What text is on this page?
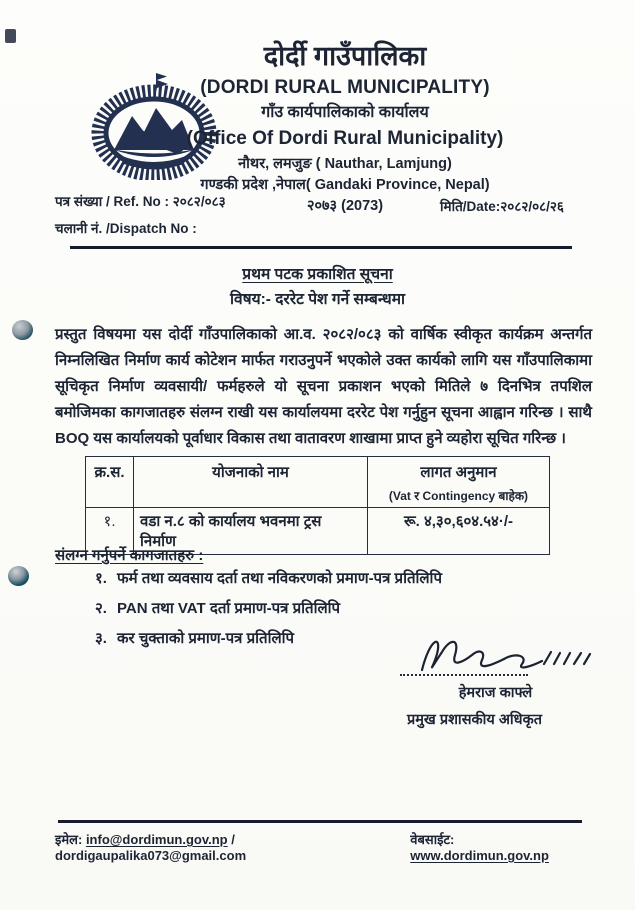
दोर्दी गाउँपालिका
(DORDI RURAL MUNICIPALITY)
गाँउ कार्यपालिकाको कार्यालय
(Office Of Dordi Rural Municipality)
नौथर, लमजुङ ( Nauthar, Lamjung)
गण्डकी प्रदेश ,नेपाल( Gandaki Province, Nepal)
२०७३ (2073)
पत्र संख्या / Ref. No : २०८२/०८३
चलानी नं. /Dispatch No :
मिति/Date:२०८२/०८/२६
प्रथम पटक प्रकाशित सूचना
विषय:- दररेट पेश गर्ने सम्बन्धमा
प्रस्तुत विषयमा यस दोर्दी गाँउपालिकाको आ.व. २०८२/०८३ को वार्षिक स्वीकृत कार्यक्रम अन्तर्गत निम्नलिखित निर्माण कार्य कोटेशन मार्फत गराउनुपर्ने भएकोले उक्त कार्यको लागि यस गाँउपालिकामा सूचिकृत निर्माण व्यवसायी/ फर्महरुले यो सूचना प्रकाशन भएको मितिले ७ दिनभित्र तपशिल बमोजिमका कागजातहरु संलग्न राखी यस कार्यालयमा दररेट पेश गर्नुहुन सूचना आह्वान गरिन्छ । साथै BOQ यस कार्यालयको पूर्वाधार विकास तथा वातावरण शाखामा प्राप्त हुने व्यहोरा सूचित गरिन्छ ।
क्र.स.	योजनाको नाम	लागत अनुमान
(Vat र Contingency बाहेक)

१.	वडा न.८ को कार्यालय भवनमा ट्रस निर्माण	रू. ४,३०,६०४.५४·/-
संलग्न गर्नुपर्ने कागजातहरु :
१. फर्म तथा व्यवसाय दर्ता तथा नविकरणको प्रमाण-पत्र प्रतिलिपि
२. PAN तथा VAT दर्ता प्रमाण-पत्र प्रतिलिपि
३. कर चुक्ताको प्रमाण-पत्र प्रतिलिपि
हेमराज काफ्ले
प्रमुख प्रशासकीय अधिकृत
इमेल: info@dordimun.gov.np / dordigaupalika073@gmail.com
वेबसाईट: www.dordimun.gov.np
